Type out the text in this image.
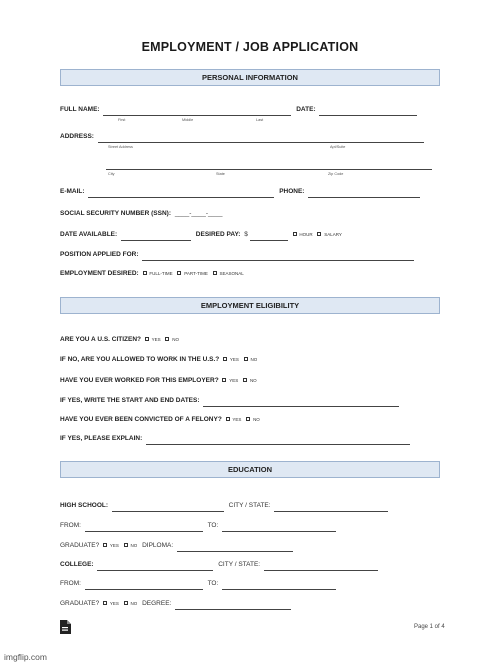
EMPLOYMENT / JOB APPLICATION
PERSONAL INFORMATION
FULL NAME:	DATE:
First	Middle	Last
ADDRESS:
Street Address	Apt/Suite
City	State	Zip Code
E-MAIL:	PHONE:
SOCIAL SECURITY NUMBER (SSN): ____-____-____
DATE AVAILABLE:	DESIRED PAY: $	HOUR	SALARY
POSITION APPLIED FOR:
EMPLOYMENT DESIRED: FULL-TIME	PART-TIME	SEASONAL
EMPLOYMENT ELIGIBILITY
ARE YOU A U.S. CITIZEN? YES	NO
IF NO, ARE YOU ALLOWED TO WORK IN THE U.S.? YES	NO
HAVE YOU EVER WORKED FOR THIS EMPLOYER? YES	NO
IF YES, WRITE THE START AND END DATES:
HAVE YOU EVER BEEN CONVICTED OF A FELONY? YES	NO
IF YES, PLEASE EXPLAIN:
EDUCATION
HIGH SCHOOL:	CITY / STATE:
FROM:	TO:
GRADUATE? YES	NO DIPLOMA:
COLLEGE:	CITY / STATE:
FROM:	TO:
GRADUATE? YES	NO DEGREE:
Page 1 of 4
imgflip.com
